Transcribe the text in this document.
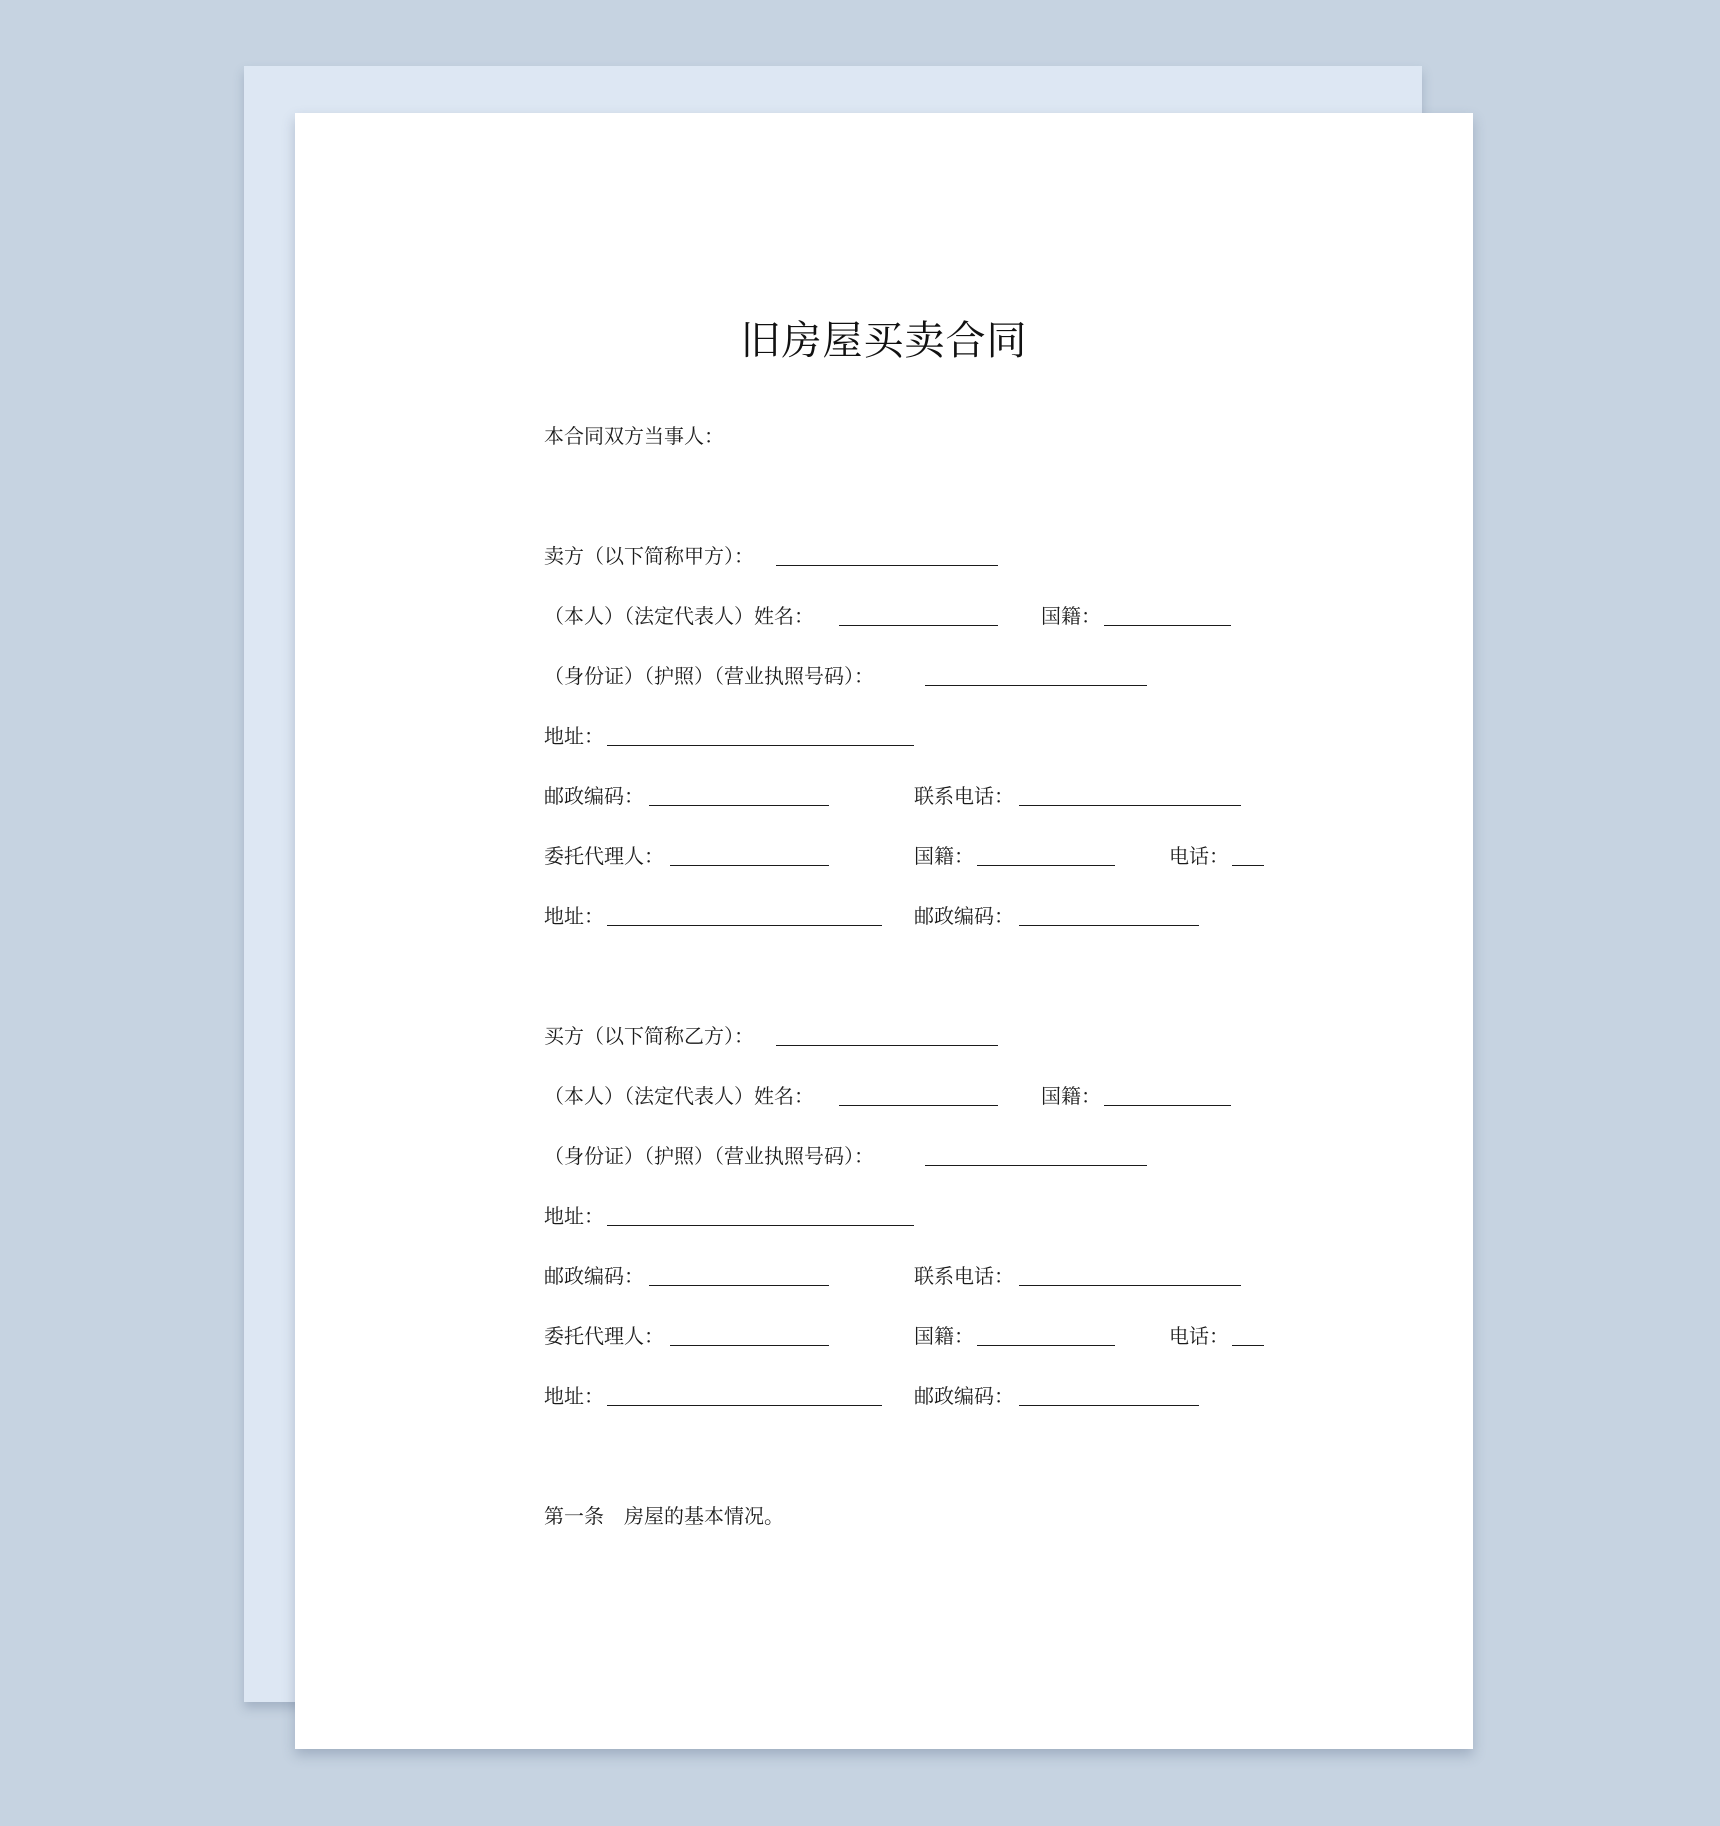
旧房屋买卖合同
本合同双方当事人：
卖方（以下简称甲方）：
（本人）（法定代表人）姓名：	国籍：
（身份证）（护照）（营业执照号码）：
地址：
邮政编码：	联系电话：
委托代理人：	国籍：	电话：
地址：	邮政编码：
买方（以下简称乙方）：
（本人）（法定代表人）姓名：	国籍：
（身份证）（护照）（营业执照号码）：
地址：
邮政编码：	联系电话：
委托代理人：	国籍：	电话：
地址：	邮政编码：
第一条　房屋的基本情况。
